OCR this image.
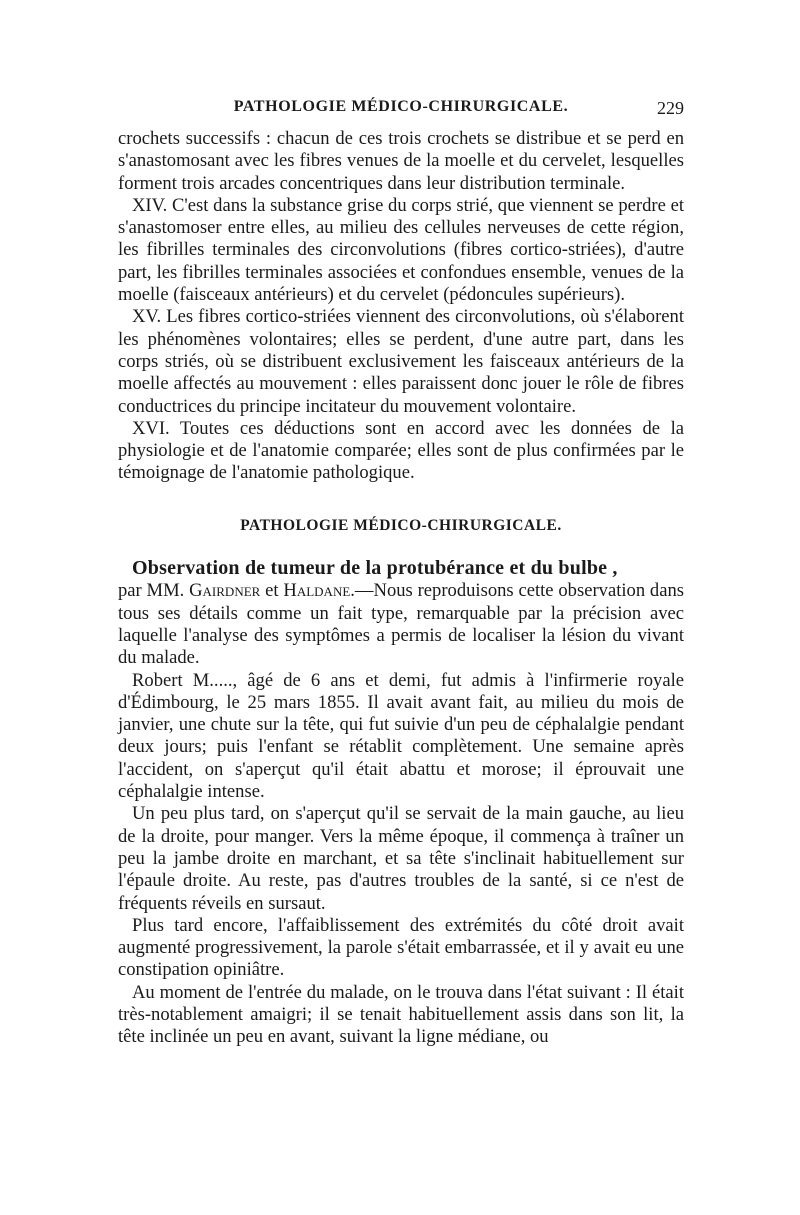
PATHOLOGIE MÉDICO-CHIRURGICALE.	229

crochets successifs : chacun de ces trois crochets se distribue et se perd en s'anastomosant avec les fibres venues de la moelle et du cervelet, lesquelles forment trois arcades concentriques dans leur distribution terminale.

XIV. C'est dans la substance grise du corps strié, que viennent se perdre et s'anastomoser entre elles, au milieu des cellules nerveuses de cette région, les fibrilles terminales des circonvolutions (fibres cortico-striées), d'autre part, les fibrilles terminales associées et confondues ensemble, venues de la moelle (faisceaux antérieurs) et du cervelet (pédoncules supérieurs).

XV. Les fibres cortico-striées viennent des circonvolutions, où s'élaborent les phénomènes volontaires; elles se perdent, d'une autre part, dans les corps striés, où se distribuent exclusivement les faisceaux antérieurs de la moelle affectés au mouvement : elles paraissent donc jouer le rôle de fibres conductrices du principe incitateur du mouvement volontaire.

XVI. Toutes ces déductions sont en accord avec les données de la physiologie et de l'anatomie comparée; elles sont de plus confirmées par le témoignage de l'anatomie pathologique.

PATHOLOGIE MÉDICO-CHIRURGICALE.

Observation de tumeur de la protubérance et du bulbe ,
par MM. Gairdner et Haldane.—Nous reproduisons cette observation dans tous ses détails comme un fait type, remarquable par la précision avec laquelle l'analyse des symptômes a permis de localiser la lésion du vivant du malade.

Robert M....., âgé de 6 ans et demi, fut admis à l'infirmerie royale d'Édimbourg, le 25 mars 1855. Il avait avant fait, au milieu du mois de janvier, une chute sur la tête, qui fut suivie d'un peu de céphalalgie pendant deux jours; puis l'enfant se rétablit complètement. Une semaine après l'accident, on s'aperçut qu'il était abattu et morose; il éprouvait une céphalalgie intense.

Un peu plus tard, on s'aperçut qu'il se servait de la main gauche, au lieu de la droite, pour manger. Vers la même époque, il commença à traîner un peu la jambe droite en marchant, et sa tête s'inclinait habituellement sur l'épaule droite. Au reste, pas d'autres troubles de la santé, si ce n'est de fréquents réveils en sursaut.

Plus tard encore, l'affaiblissement des extrémités du côté droit avait augmenté progressivement, la parole s'était embarrassée, et il y avait eu une constipation opiniâtre.

Au moment de l'entrée du malade, on le trouva dans l'état suivant : Il était très-notablement amaigri; il se tenait habituellement assis dans son lit, la tête inclinée un peu en avant, suivant la ligne médiane, ou
